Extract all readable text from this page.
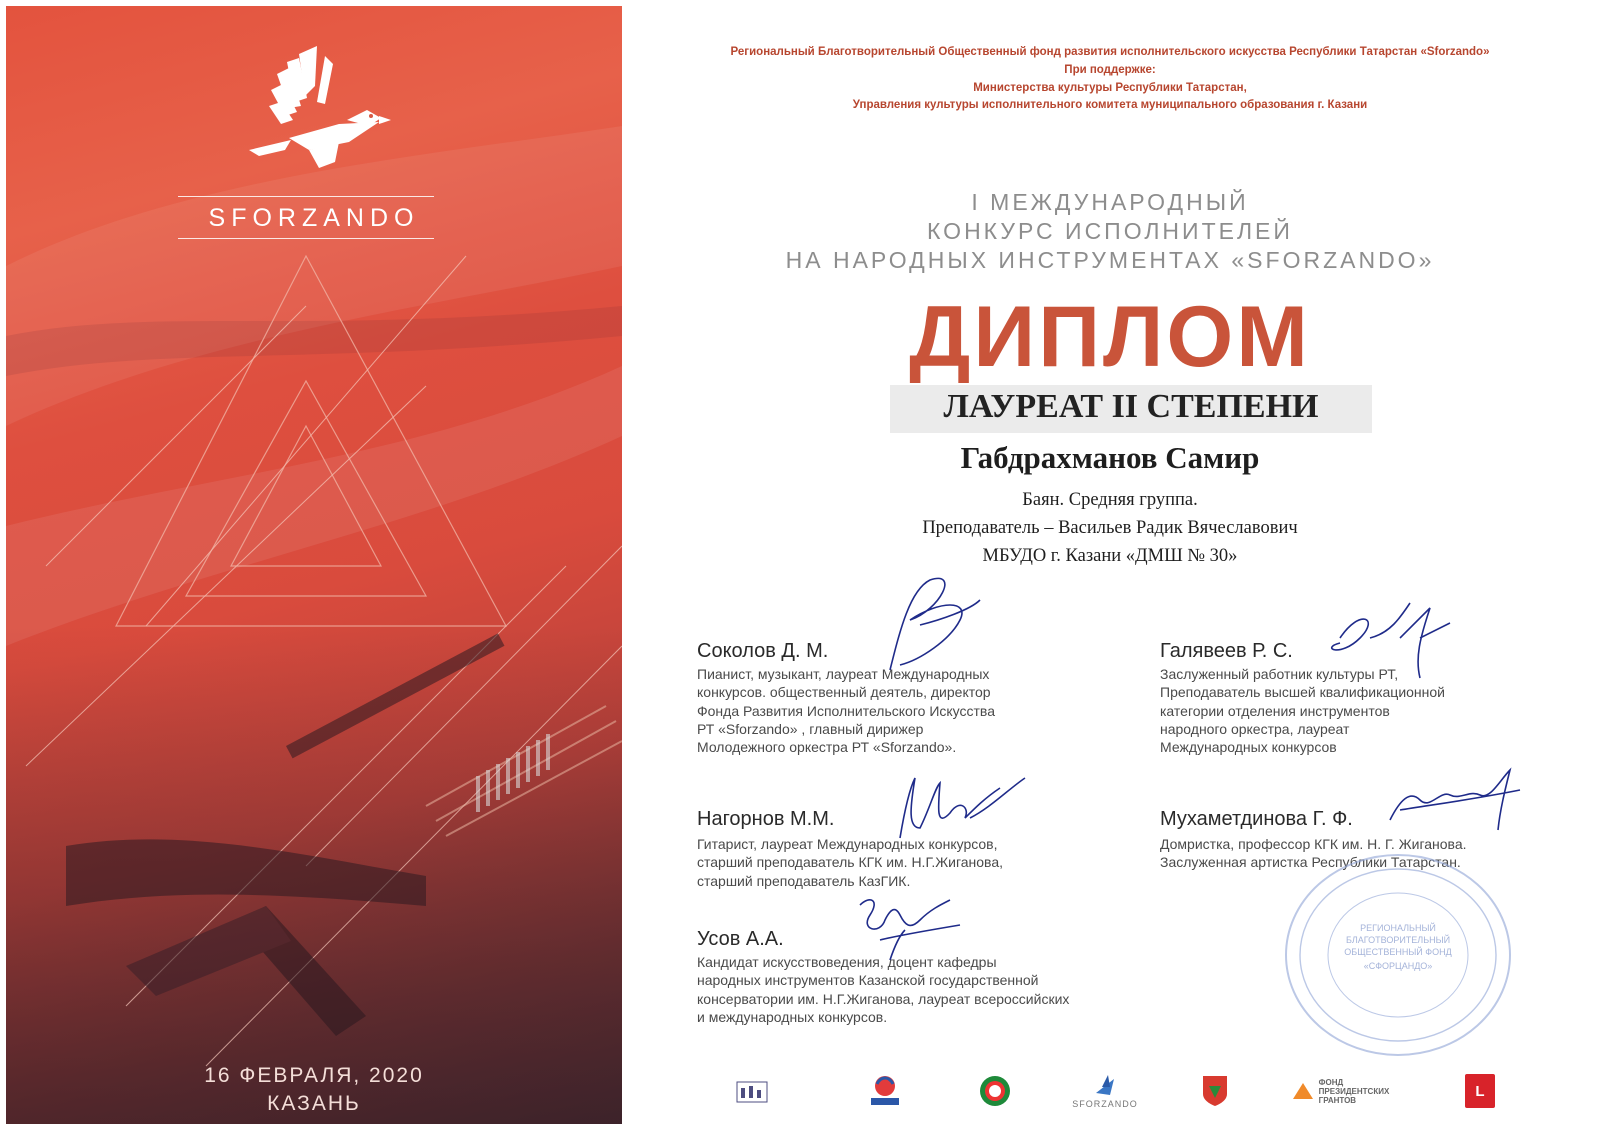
SFORZANDO
16 ФЕВРАЛЯ, 2020
КАЗАНЬ
Региональный Благотворительный Общественный фонд развития исполнительского искусства Республики Татарстан «Sforzando»
При поддержке:
Министерства культуры Республики Татарстан,
Управления культуры исполнительного комитета муниципального образования г. Казани
I МЕЖДУНАРОДНЫЙ
КОНКУРС ИСПОЛНИТЕЛЕЙ
НА НАРОДНЫХ ИНСТРУМЕНТАХ «SFORZANDO»
ДИПЛОМ
ЛАУРЕАТ II СТЕПЕНИ
Габдрахманов Самир
Баян. Средняя группа.
Преподаватель – Васильев Радик Вячеславович
МБУДО г. Казани «ДМШ № 30»
Соколов Д. М.
Пианист, музыкант, лауреат Международных
конкурсов. общественный деятель, директор
Фонда Развития Исполнительского Искусства
РТ «Sforzando» , главный дирижер
Молодежного оркестра РТ «Sforzando».
Галявеев Р. С.
Заслуженный работник культуры РТ,
Преподаватель высшей квалификационной
категории отделения инструментов
народного оркестра, лауреат
Международных конкурсов
Нагорнов М.М.
Гитарист, лауреат Международных конкурсов,
старший преподаватель КГК им. Н.Г.Жиганова,
старший преподаватель КазГИК.
Мухаметдинова Г. Ф.
Домристка, профессор КГК им. Н. Г. Жиганова.
Заслуженная артистка Республики Татарстан.
Усов А.А.
Кандидат искусствоведения, доцент кафедры
народных инструментов Казанской государственной
консерватории им. Н.Г.Жиганова, лауреат всероссийских
и международных конкурсов.
РЕГИОНАЛЬНЫЙ
БЛАГОТВОРИТЕЛЬНЫЙ
ОБЩЕСТВЕННЫЙ ФОНД
«СФОРЦАНДО»
SFORZANDO
ФОНД
ПРЕЗИДЕНТСКИХ
ГРАНТОВ
L
